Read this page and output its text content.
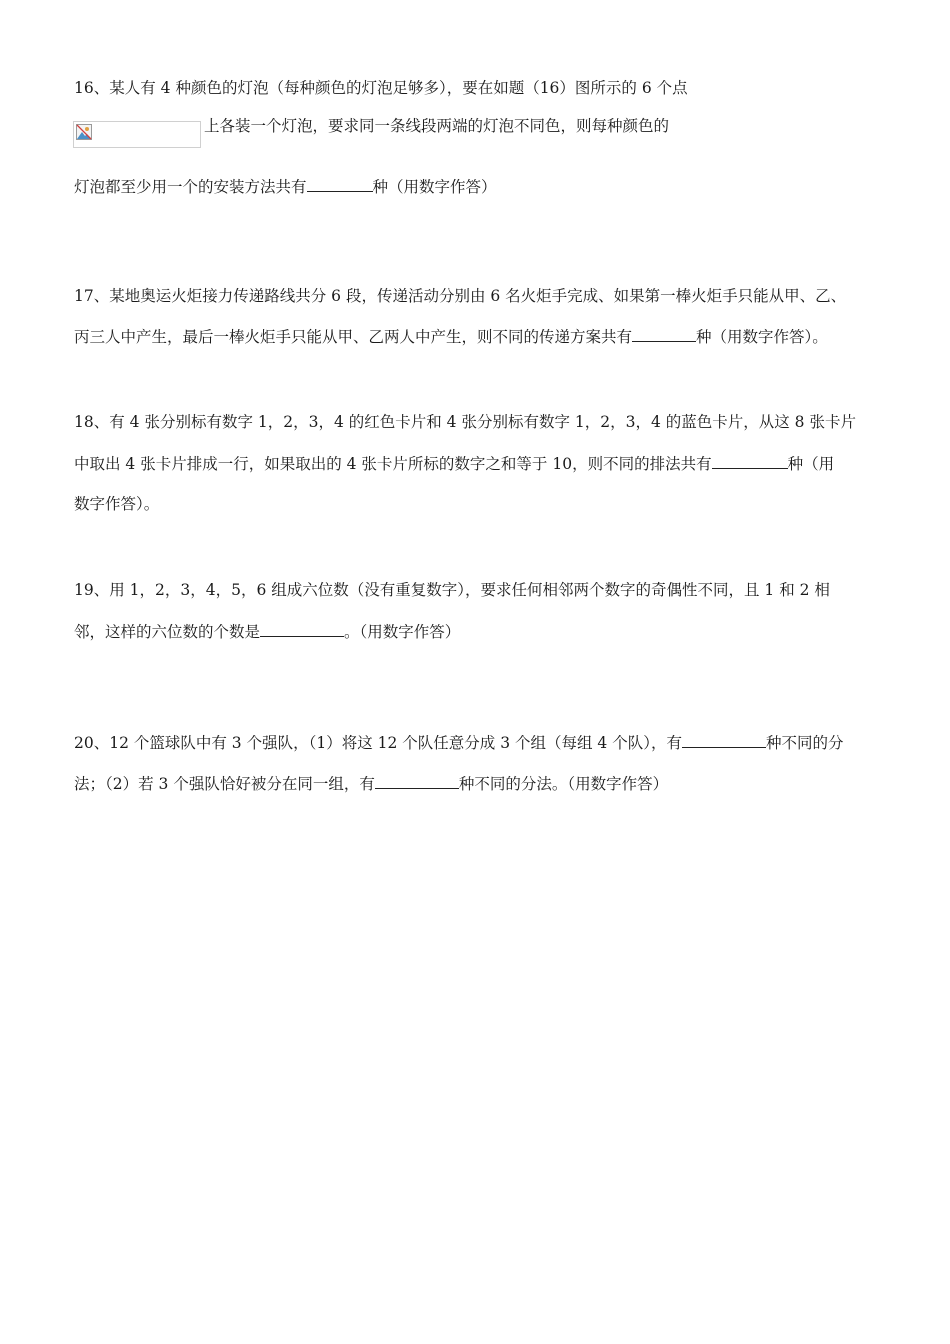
16、某人有 4 种颜色的灯泡（每种颜色的灯泡足够多），要在如题（16）图所示的 6 个点
上各装一个灯泡，要求同一条线段两端的灯泡不同色，则每种颜色的
灯泡都至少用一个的安装方法共有	种（用数字作答）
17、某地奥运火炬接力传递路线共分 6 段，传递活动分别由 6 名火炬手完成、如果第一棒火炬手只能从甲、乙、
丙三人中产生，最后一棒火炬手只能从甲、乙两人中产生，则不同的传递方案共有	种（用数字作答）。
18、有 4 张分别标有数字 1，2，3，4 的红色卡片和 4 张分别标有数字 1，2，3，4 的蓝色卡片，从这 8 张卡片
中取出 4 张卡片排成一行，如果取出的 4 张卡片所标的数字之和等于 10，则不同的排法共有	种（用
数字作答）。
19、用 1，2，3，4，5，6 组成六位数（没有重复数字），要求任何相邻两个数字的奇偶性不同，且 1 和 2 相
邻，这样的六位数的个数是	。（用数字作答）
20、12 个篮球队中有 3 个强队，（1）将这 12 个队任意分成 3 个组（每组 4 个队），有	种不同的分
法；（2）若 3 个强队恰好被分在同一组，有	种不同的分法。（用数字作答）
